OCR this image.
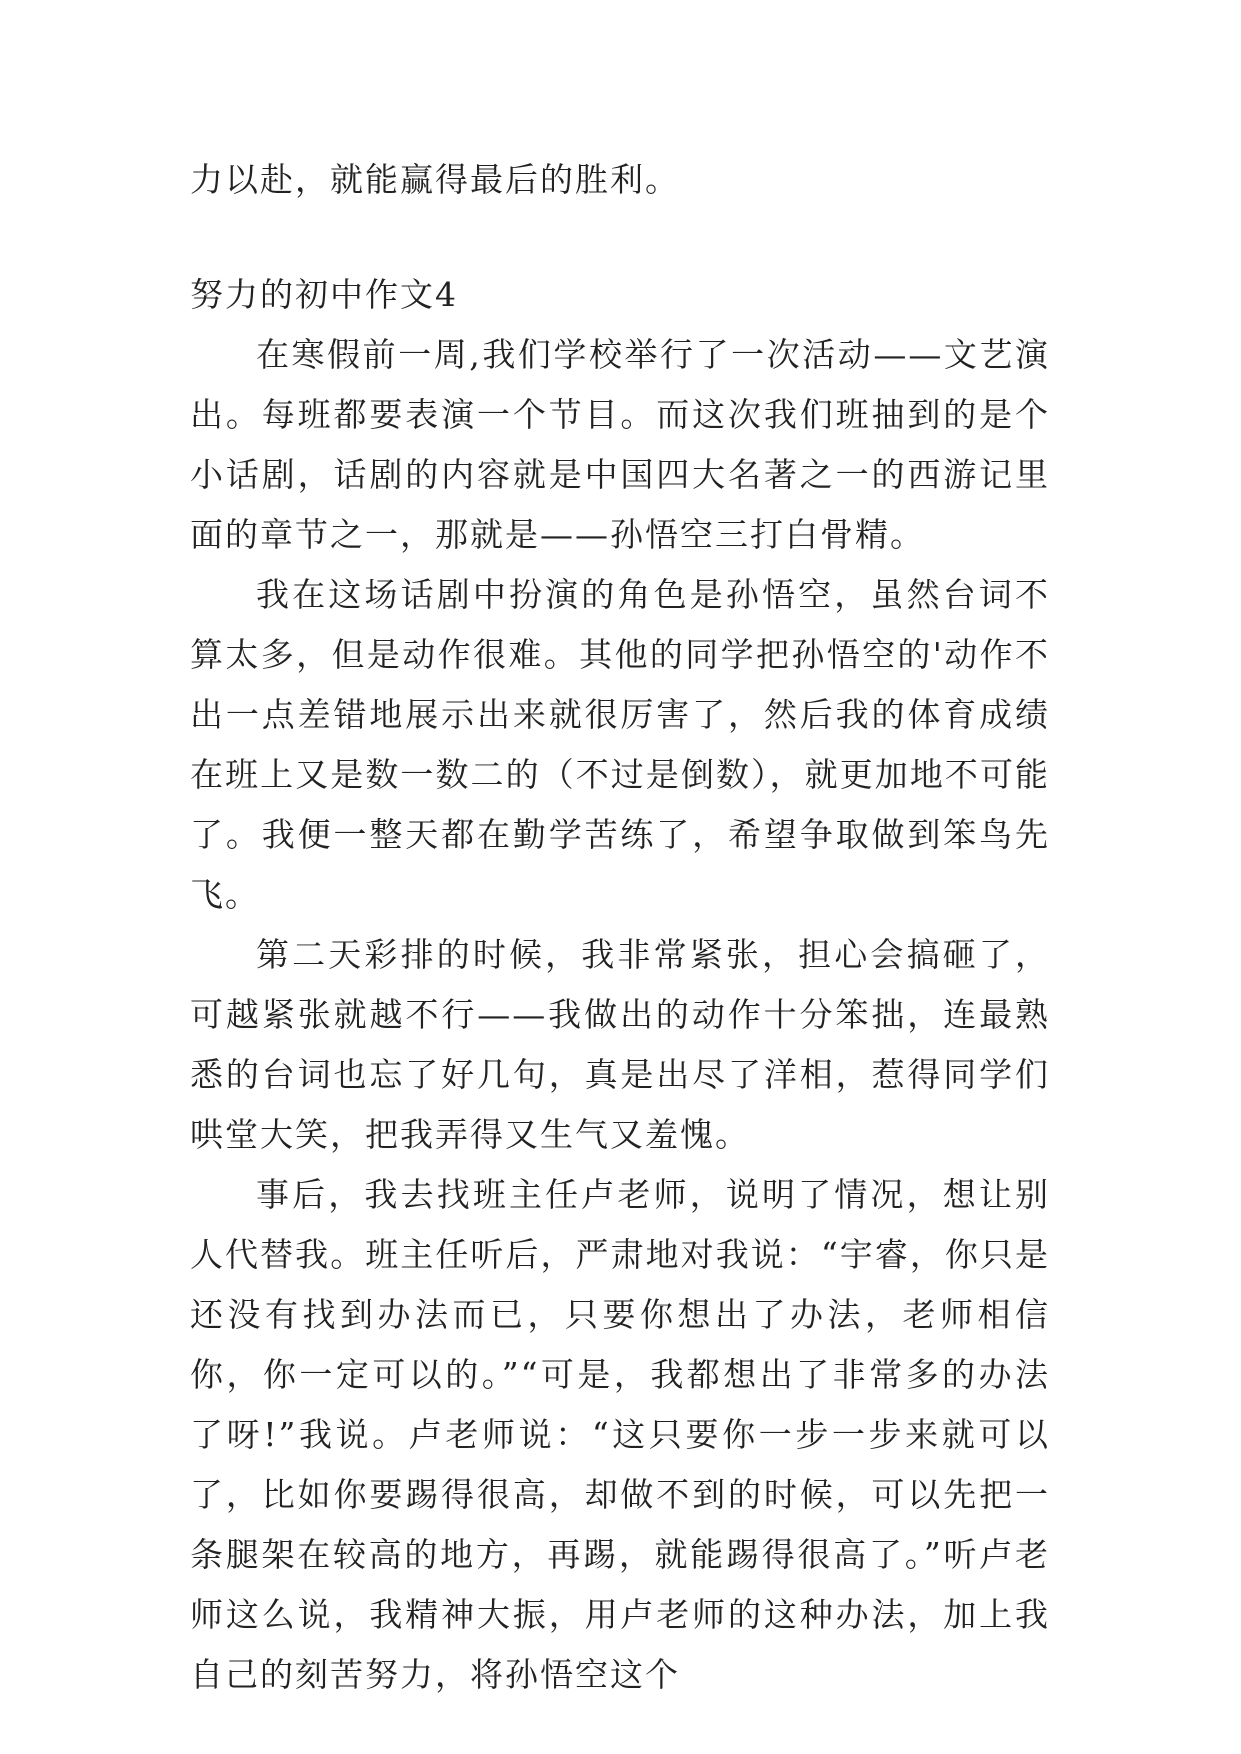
力以赴，就能赢得最后的胜利。

努力的初中作文4

在寒假前一周,我们学校举行了一次活动——文艺演出。每班都要表演一个节目。而这次我们班抽到的是个小话剧，话剧的内容就是中国四大名著之一的西游记里面的章节之一，那就是——孙悟空三打白骨精。

我在这场话剧中扮演的角色是孙悟空，虽然台词不算太多，但是动作很难。其他的同学把孙悟空的'动作不出一点差错地展示出来就很厉害了，然后我的体育成绩在班上又是数一数二的（不过是倒数），就更加地不可能了。我便一整天都在勤学苦练了，希望争取做到笨鸟先飞。

第二天彩排的时候，我非常紧张，担心会搞砸了，可越紧张就越不行——我做出的动作十分笨拙，连最熟悉的台词也忘了好几句，真是出尽了洋相，惹得同学们哄堂大笑，把我弄得又生气又羞愧。

事后，我去找班主任卢老师，说明了情况，想让别人代替我。班主任听后，严肃地对我说：“宇睿，你只是还没有找到办法而已，只要你想出了办法，老师相信你，你一定可以的。”“可是，我都想出了非常多的办法了呀!”我说。卢老师说：“这只要你一步一步来就可以了，比如你要踢得很高，却做不到的时候，可以先把一条腿架在较高的地方，再踢，就能踢得很高了。”听卢老师这么说，我精神大振，用卢老师的这种办法，加上我自己的刻苦努力，将孙悟空这个
